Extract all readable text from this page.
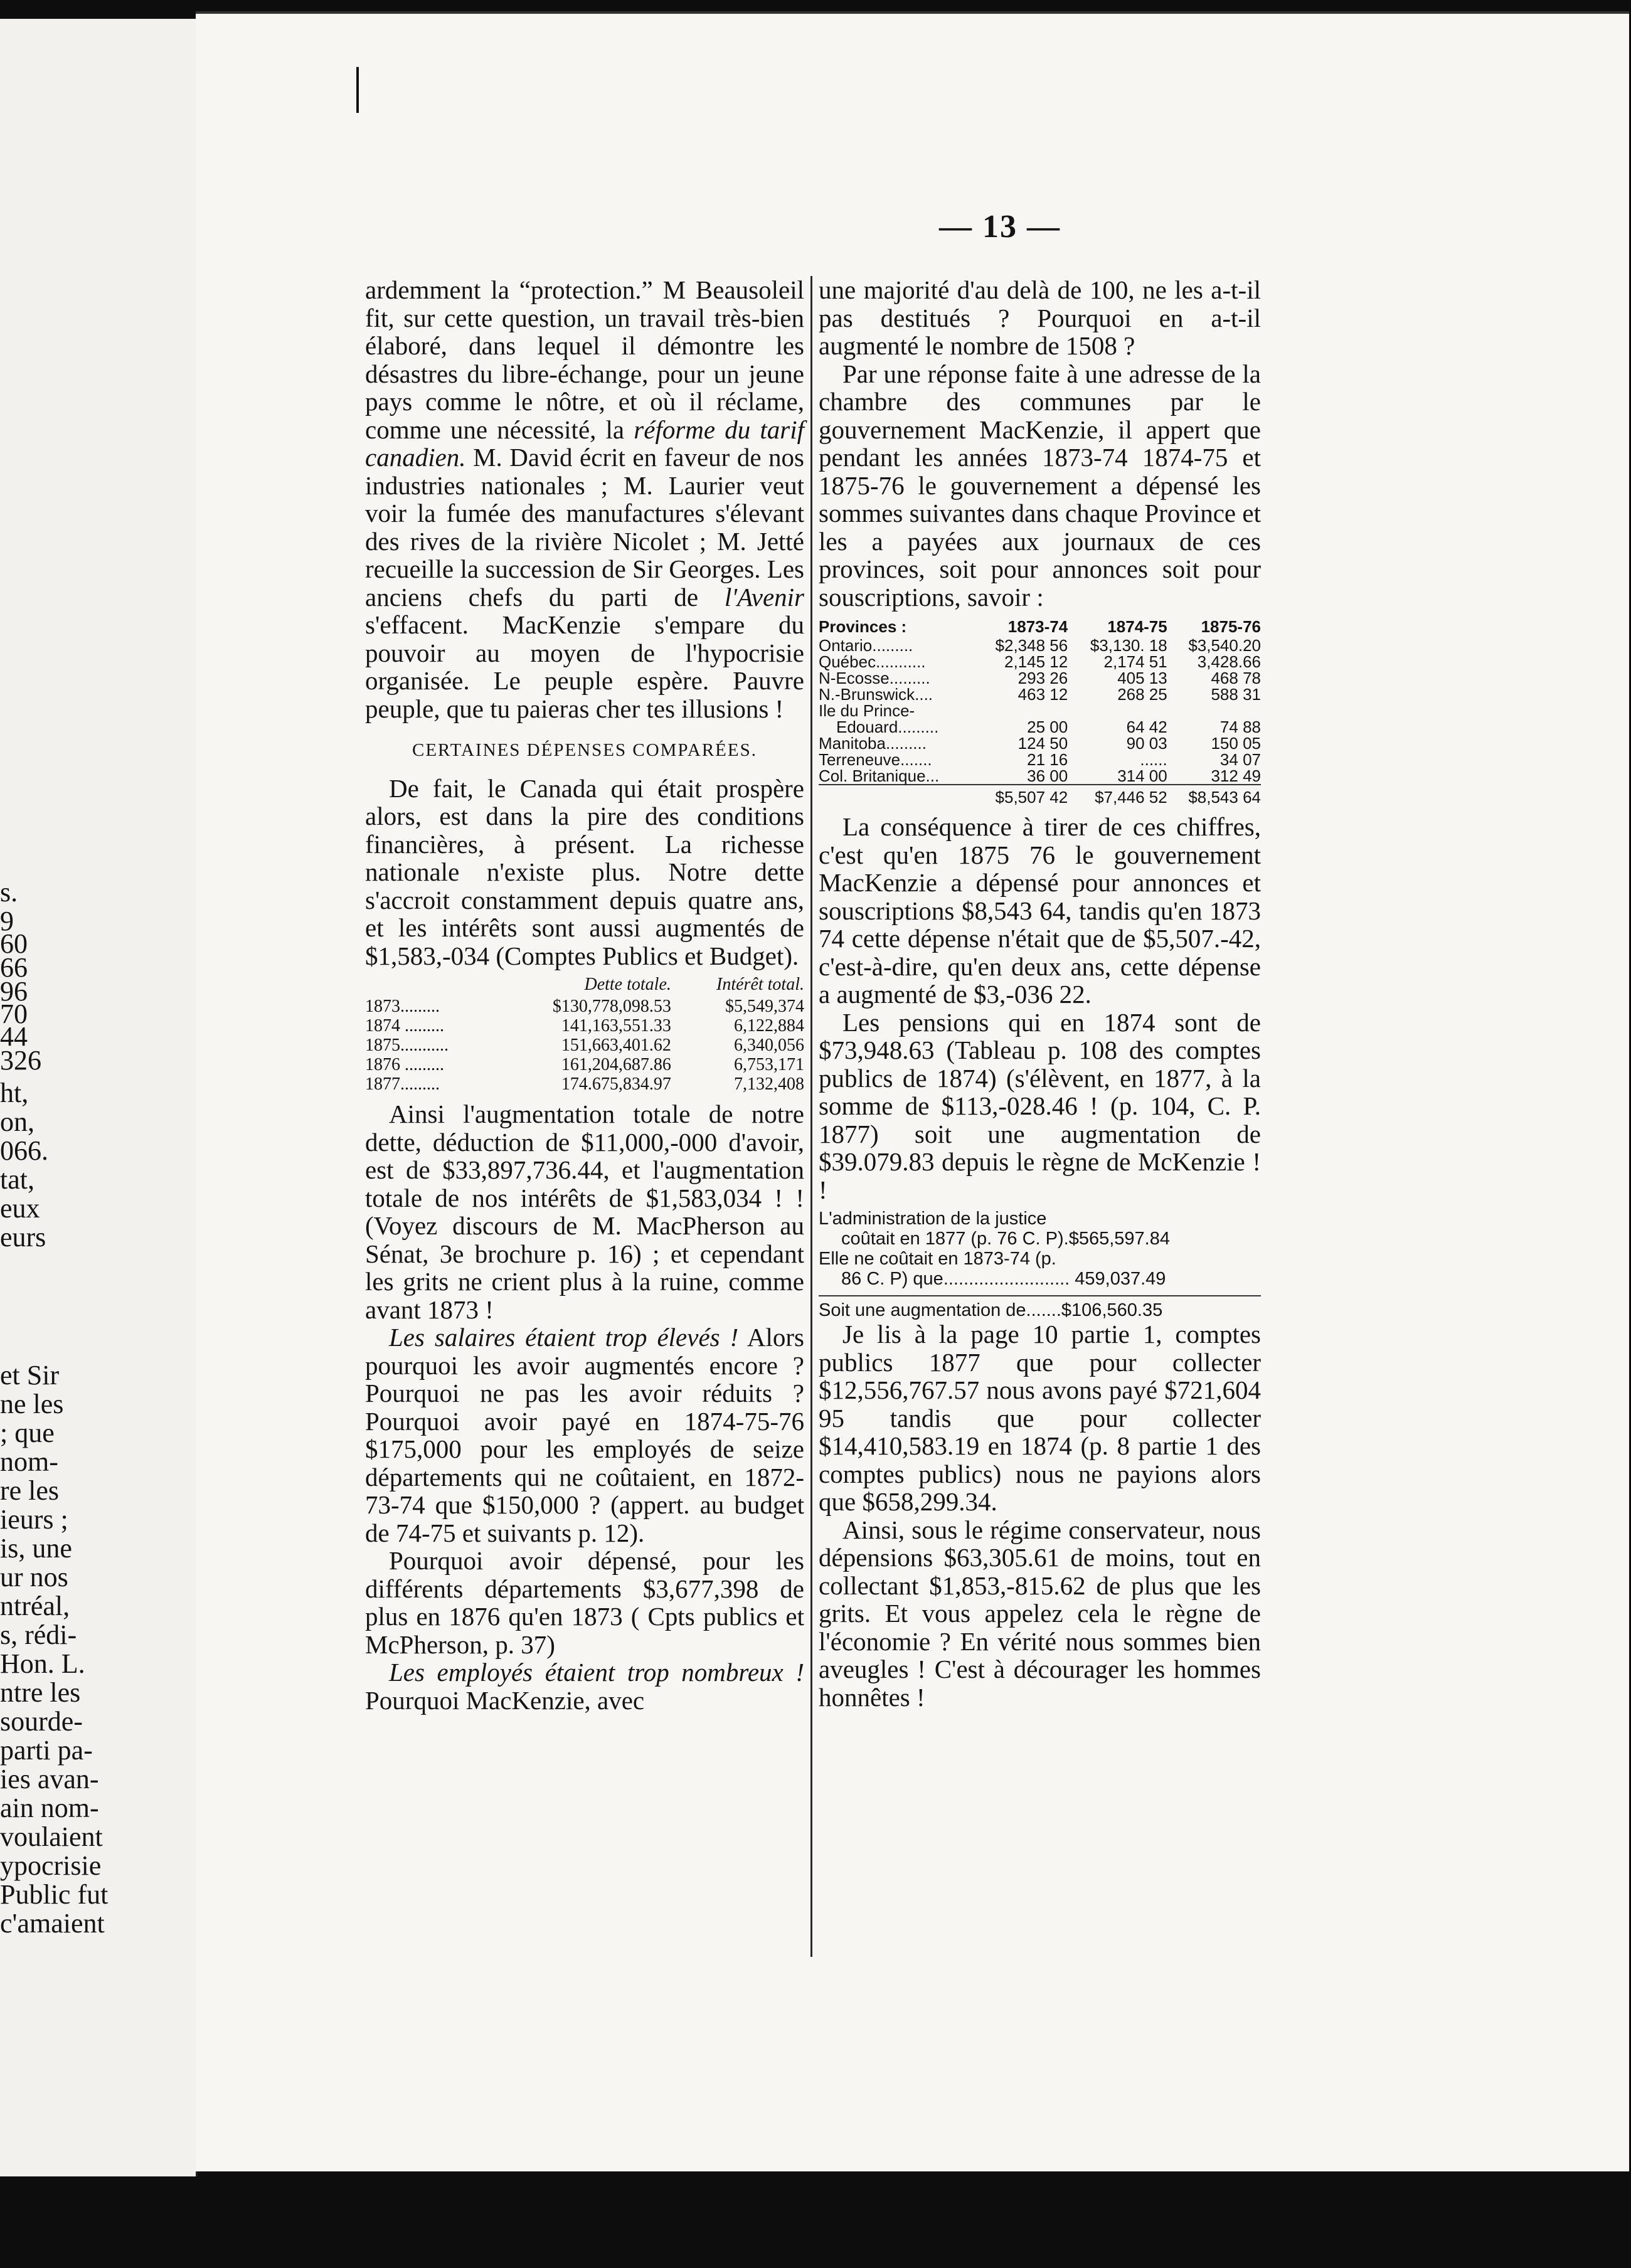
s.
9
60
66
96
70
44
326
ht,
on,
066.
tat,
eux
eurs
et Sir
ne les
; que
nom-
re les
ieurs ;
is, une
ur nos
ntréal,
s, rédi-
Hon. L.
ntre les
sourde-
parti pa-
ies avan-
ain nom-
voulaient
ypocrisie
Public fut
c'amaient
|
— 13 —

ardemment la “protection.” M Beausoleil fit, sur cette question, un travail très-bien élaboré, dans lequel il démontre les désastres du libre-échange, pour un jeune pays comme le nôtre, et où il réclame, comme une nécessité, la réforme du tarif canadien. M. David écrit en faveur de nos industries nationales ; M. Laurier veut voir la fumée des manufactures s'élevant des rives de la rivière Nicolet ; M. Jetté recueille la succession de Sir Georges. Les anciens chefs du parti de l'Avenir s'effacent. MacKenzie s'empare du pouvoir au moyen de l'hypocrisie organisée. Le peuple espère. Pauvre peuple, que tu paieras cher tes illusions !

CERTAINES DÉPENSES COMPARÉES.

De fait, le Canada qui était prospère alors, est dans la pire des conditions financières, à présent. La richesse nationale n'existe plus. Notre dette s'accroit constamment depuis quatre ans, et les intérêts sont aussi augmentés de $1,583,-034 (Comptes Publics et Budget).

	Dette totale.	Intérêt total.
1873.........	$130,778,098.53	$5,549,374
1874 .........	141,163,551.33	6,122,884
1875...........	151,663,401.62	6,340,056
1876 .........	161,204,687.86	6,753,171
1877.........	174.675,834.97	7,132,408

Ainsi l'augmentation totale de notre dette, déduction de $11,000,-000 d'avoir, est de $33,897,736.44, et l'augmentation totale de nos intérêts de $1,583,034 ! ! (Voyez discours de M. MacPherson au Sénat, 3e brochure p. 16) ; et cependant les grits ne crient plus à la ruine, comme avant 1873 !

Les salaires étaient trop élevés ! Alors pourquoi les avoir augmentés encore ? Pourquoi ne pas les avoir réduits ? Pourquoi avoir payé en 1874-75-76 $175,000 pour les employés de seize départements qui ne coûtaient, en 1872-73-74 que $150,000 ? (appert. au budget de 74-75 et suivants p. 12).

Pourquoi avoir dépensé, pour les différents départements $3,677,398 de plus en 1876 qu'en 1873 ( Cpts publics et McPherson, p. 37)

Les employés étaient trop nombreux ! Pourquoi MacKenzie, avec

une majorité d'au delà de 100, ne les a-t-il pas destitués ? Pourquoi en a-t-il augmenté le nombre de 1508 ?

Par une réponse faite à une adresse de la chambre des communes par le gouvernement MacKenzie, il appert que pendant les années 1873-74 1874-75 et 1875-76 le gouvernement a dépensé les sommes suivantes dans chaque Province et les a payées aux journaux de ces provinces, soit pour annonces soit pour souscriptions, savoir :

Provinces :	1873-74	1874-75	1875-76
Ontario.........	$2,348 56	$3,130. 18	$3,540.20
Québec...........	2,145 12	2,174 51	3,428.66
N-Ecosse.........	293 26	405 13	468 78
N.-Brunswick....	463 12	268 25	588 31
Ile du Prince-			
Edouard.........	25 00	64 42	74 88
Manitoba.........	124 50	90 03	150 05
Terreneuve.......	21 16	......	34 07
Col. Britanique...	36 00	314 00	312 49
	$5,507 42	$7,446 52	$8,543 64

La conséquence à tirer de ces chiffres, c'est qu'en 1875 76 le gouvernement MacKenzie a dépensé pour annonces et souscriptions $8,543 64, tandis qu'en 1873 74 cette dépense n'était que de $5,507.-42, c'est-à-dire, qu'en deux ans, cette dépense a augmenté de $3,-036 22.

Les pensions qui en 1874 sont de $73,948.63 (Tableau p. 108 des comptes publics de 1874) (s'élèvent, en 1877, à la somme de $113,-028.46 ! (p. 104, C. P. 1877) soit une augmentation de $39.079.83 depuis le règne de McKenzie ! !

L'administration de la justice
coûtait en 1877 (p. 76 C. P).$565,597.84
Elle ne coûtait en 1873-74 (p.
86 C. P) que......................... 459,037.49
Soit une augmentation de.......$106,560.35

Je lis à la page 10 partie 1, comptes publics 1877 que pour collecter $12,556,767.57 nous avons payé $721,604 95 tandis que pour collecter $14,410,583.19 en 1874 (p. 8 partie 1 des comptes publics) nous ne payions alors que $658,299.34.

Ainsi, sous le régime conservateur, nous dépensions $63,305.61 de moins, tout en collectant $1,853,-815.62 de plus que les grits. Et vous appelez cela le règne de l'économie ? En vérité nous sommes bien aveugles ! C'est à décourager les hommes honnêtes !
